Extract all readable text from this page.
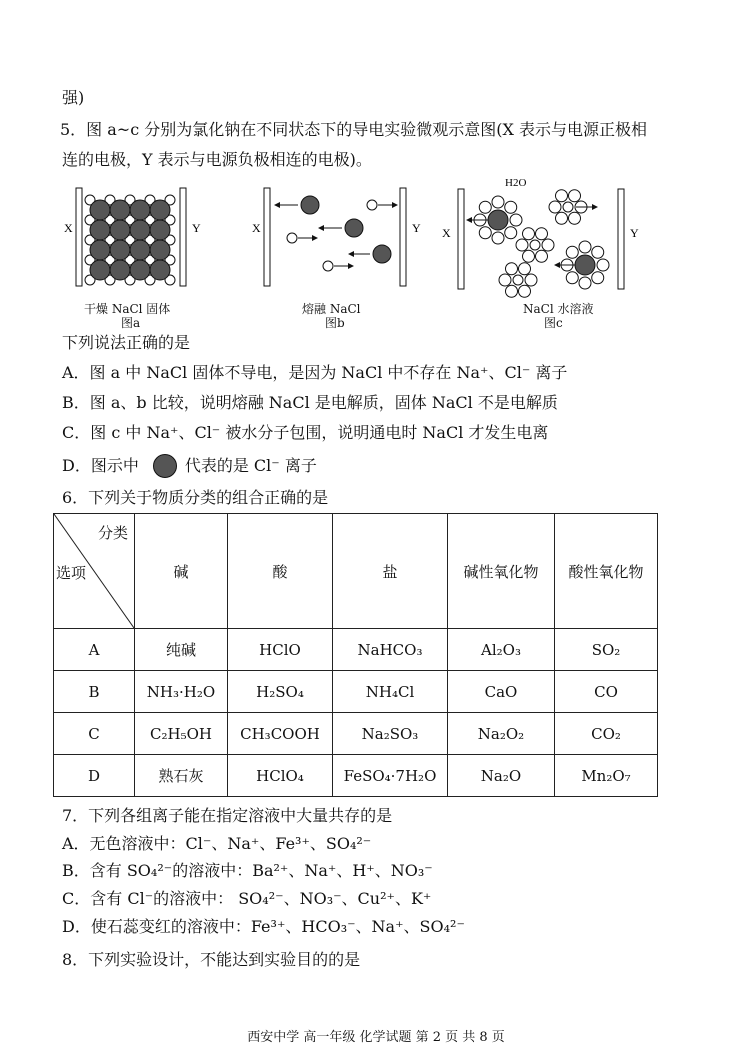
强)
5．图 a~c 分别为氯化钠在不同状态下的导电实验微观示意图(X 表示与电源正极相
连的电极，Y 表示与电源负极相连的电极)。
X	Y
干燥 NaCl 固体
图a
X	Y
熔融 NaCl
图b
X	Y
H2O
NaCl 水溶液
图c
下列说法正确的是
A．图 a 中 NaCl 固体不导电，是因为 NaCl 中不存在 Na⁺、Cl⁻ 离子
B．图 a、b 比较，说明熔融 NaCl 是电解质，固体 NaCl 不是电解质
C．图 c 中 Na⁺、Cl⁻ 被水分子包围，说明通电时 NaCl 才发生电离
D．图示中	代表的是 Cl⁻ 离子
6．下列关于物质分类的组合正确的是
分类
选项	碱	酸	盐	碱性氧化物	酸性氧化物
A	纯碱	HClO	NaHCO₃	Al₂O₃	SO₂
B	NH₃·H₂O	H₂SO₄	NH₄Cl	CaO	CO
C	C₂H₅OH	CH₃COOH	Na₂SO₃	Na₂O₂	CO₂
D	熟石灰	HClO₄	FeSO₄·7H₂O	Na₂O	Mn₂O₇
7．下列各组离子能在指定溶液中大量共存的是
A．无色溶液中：Cl⁻、Na⁺、Fe³⁺、SO₄²⁻
B．含有 SO₄²⁻的溶液中：Ba²⁺、Na⁺、H⁺、NO₃⁻
C．含有 Cl⁻的溶液中： SO₄²⁻、NO₃⁻、Cu²⁺、K⁺
D．使石蕊变红的溶液中：Fe³⁺、HCO₃⁻、Na⁺、SO₄²⁻
8．下列实验设计，不能达到实验目的的是
西安中学 高一年级 化学试题 第 2 页 共 8 页
